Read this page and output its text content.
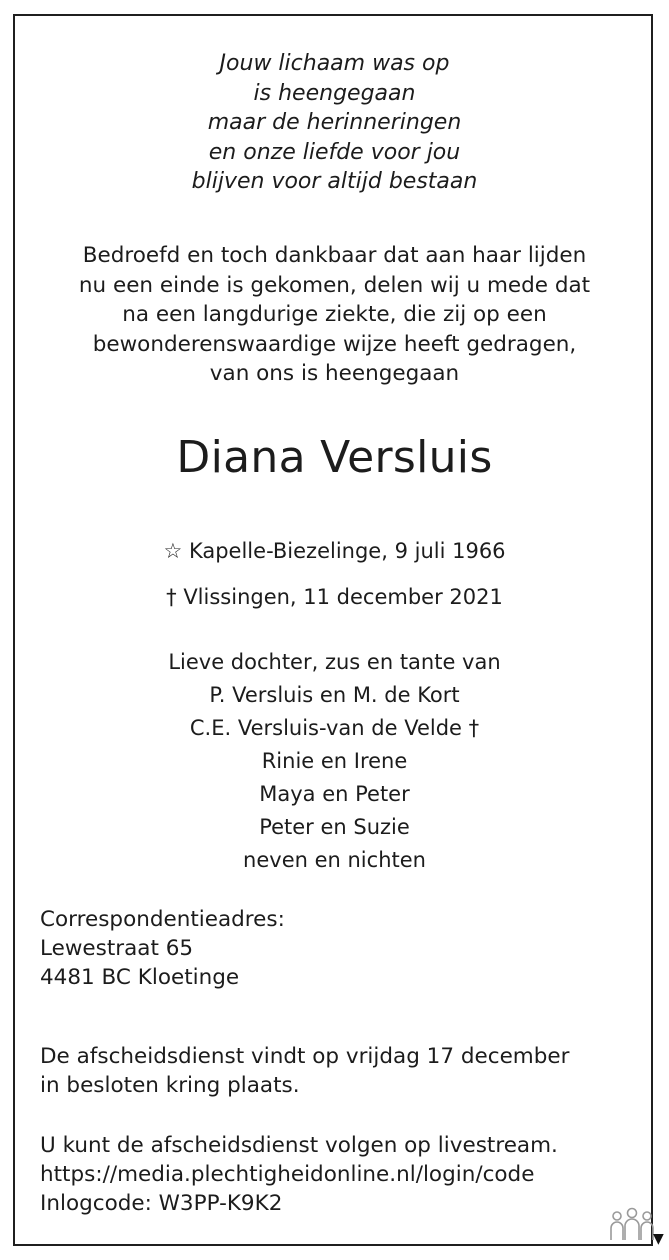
Jouw lichaam was op
is heengegaan
maar de herinneringen
en onze liefde voor jou
blijven voor altijd bestaan
Bedroefd en toch dankbaar dat aan haar lijden
nu een einde is gekomen, delen wij u mede dat
na een langdurige ziekte, die zij op een
bewonderenswaardige wijze heeft gedragen,
van ons is heengegaan
Diana Versluis
☆ Kapelle-Biezelinge, 9 juli 1966
† Vlissingen, 11 december 2021
Lieve dochter, zus en tante van
P. Versluis en M. de Kort
C.E. Versluis-van de Velde †
Rinie en Irene
Maya en Peter
Peter en Suzie
neven en nichten
Correspondentieadres:
Lewestraat 65
4481 BC Kloetinge
De afscheidsdienst vindt op vrijdag 17 december
in besloten kring plaats.
U kunt de afscheidsdienst volgen op livestream.
https://media.plechtigheidonline.nl/login/code
Inlogcode: W3PP-K9K2
▼
